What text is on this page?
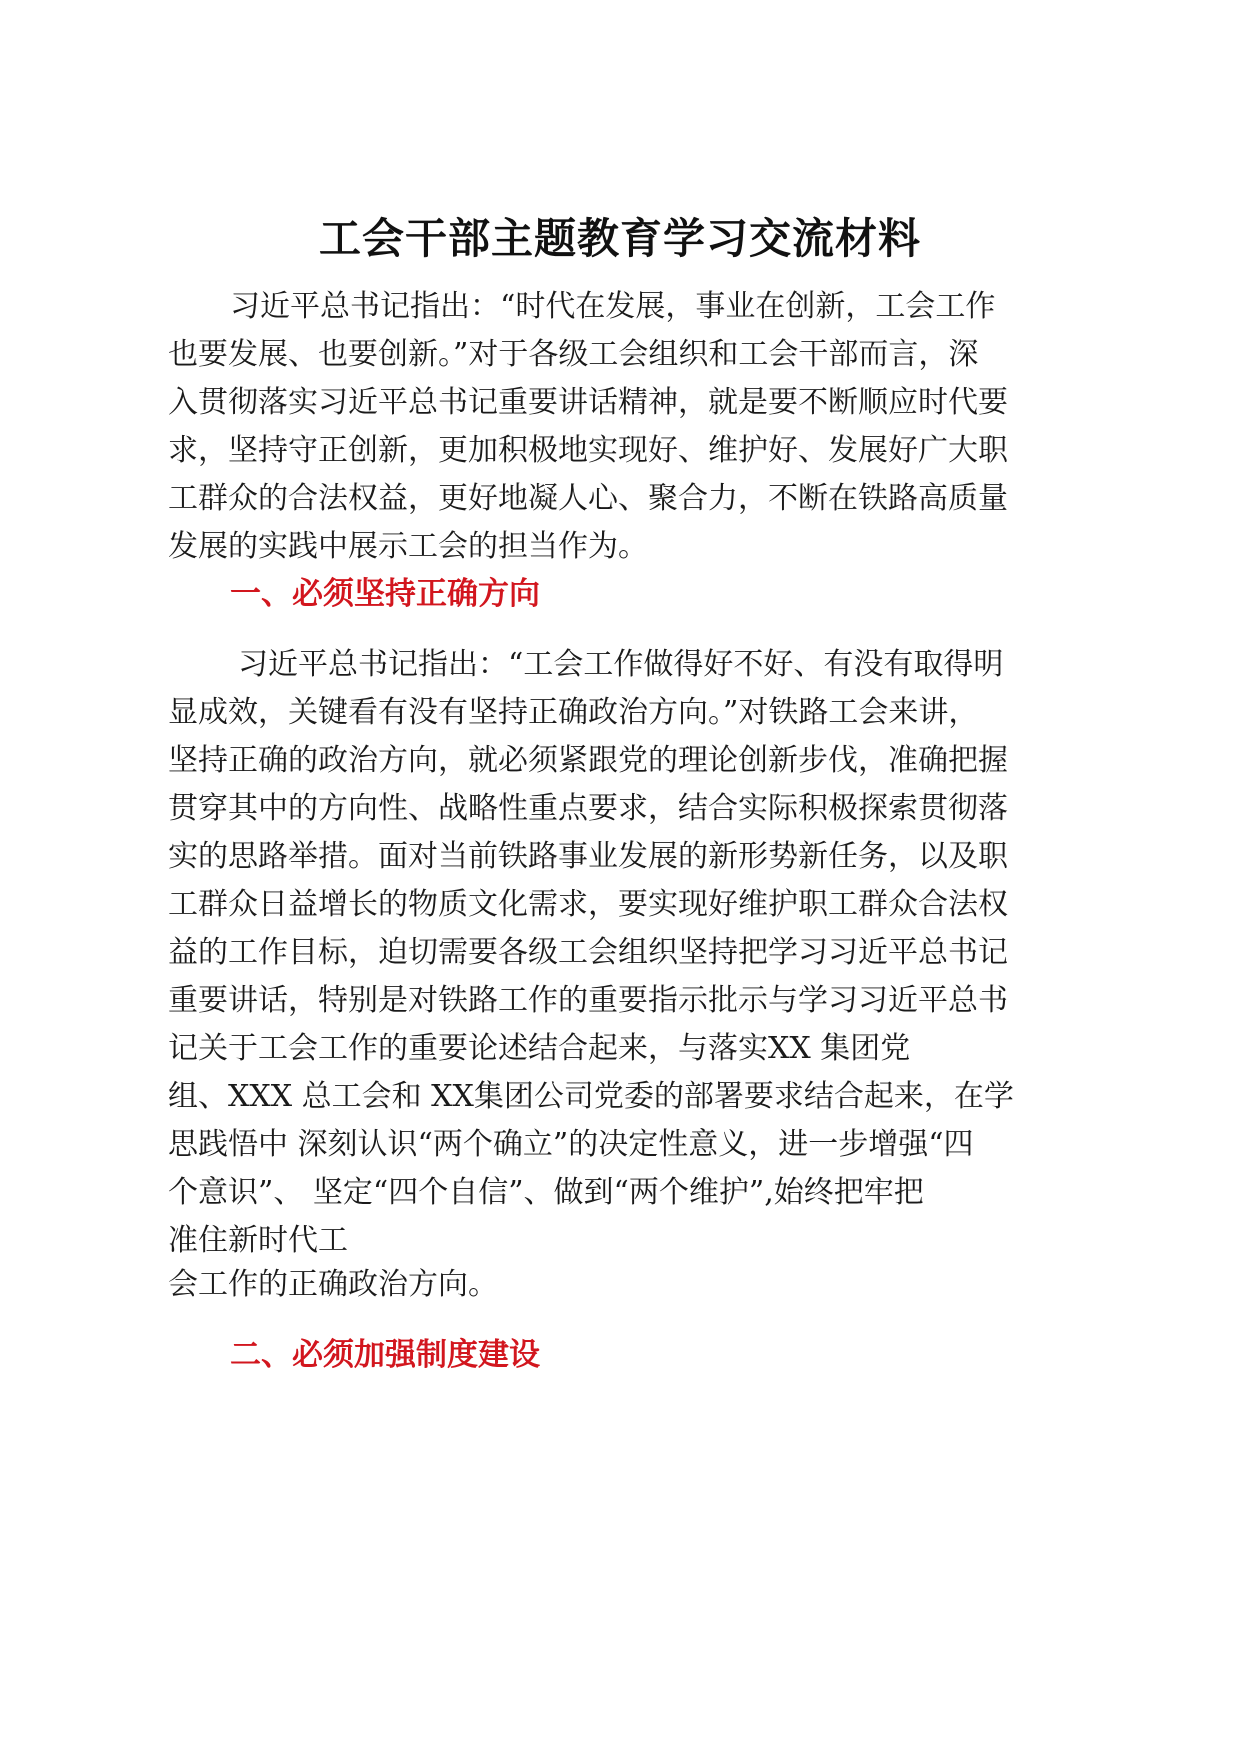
工会干部主题教育学习交流材料
习近平总书记指出：“时代在发展，事业在创新，工会工作
也要发展、也要创新。”对于各级工会组织和工会干部而言，深
入贯彻落实习近平总书记重要讲话精神，就是要不断顺应时代要
求，坚持守正创新，更加积极地实现好、维护好、发展好广大职
工群众的合法权益，更好地凝人心、聚合力，不断在铁路高质量
发展的实践中展示工会的担当作为。
一、必须坚持正确方向
习近平总书记指出：“工会工作做得好不好、有没有取得明
显成效，关键看有没有坚持正确政治方向。”对铁路工会来讲，
坚持正确的政治方向，就必须紧跟党的理论创新步伐，准确把握
贯穿其中的方向性、战略性重点要求，结合实际积极探索贯彻落
实的思路举措。面对当前铁路事业发展的新形势新任务，以及职
工群众日益增长的物质文化需求，要实现好维护职工群众合法权
益的工作目标，迫切需要各级工会组织坚持把学习习近平总书记
重要讲话，特别是对铁路工作的重要指示批示与学习习近平总书
记关于工会工作的重要论述结合起来，与落实XX 集团党
组、XXX 总工会和 XX集团公司党委的部署要求结合起来，在学
思践悟中 深刻认识“两个确立”的决定性意义，进一步增强“四
个意识”、 坚定“四个自信”、做到“两个维护”,始终把牢把
准住新时代工
会工作的正确政治方向。
二、必须加强制度建设
